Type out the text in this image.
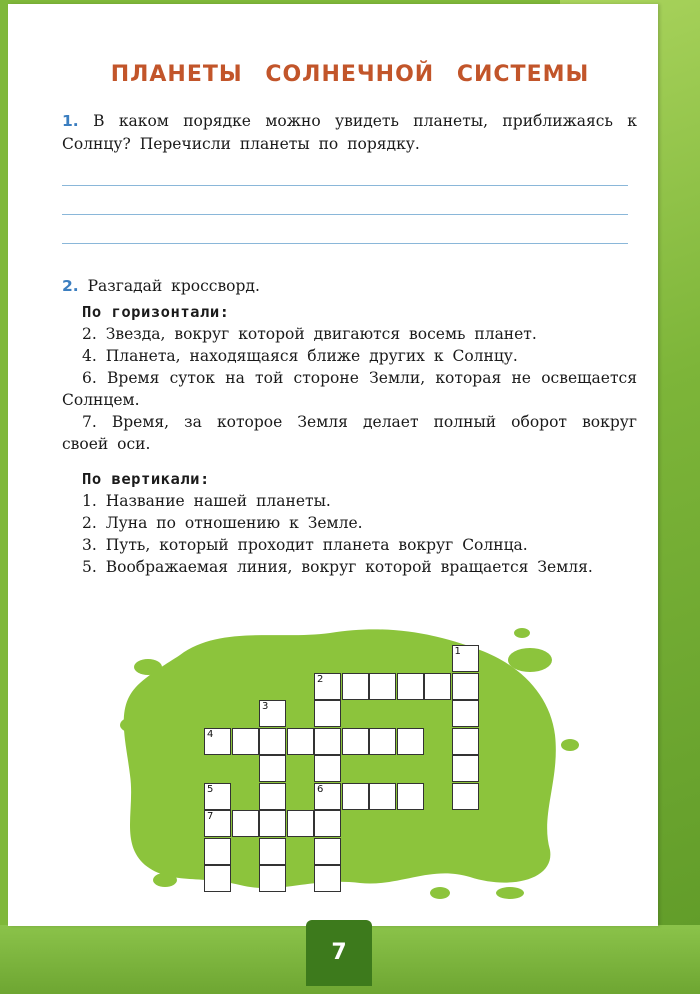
ПЛАНЕТЫ СОЛНЕЧНОЙ СИСТЕМЫ
1. В каком порядке можно увидеть планеты, приближаясь к Солнцу? Перечисли планеты по порядку.
2. Разгадай кроссворд.
По горизонтали:
2. Звезда, вокруг которой двигаются восемь планет.
4. Планета, находящаяся ближе других к Солнцу.
6. Время суток на той стороне Земли, которая не освещается Солнцем.
7. Время, за которое Земля делает полный оборот вокруг своей оси.
По вертикали:
1. Название нашей планеты.
2. Луна по отношению к Земле.
3. Путь, который проходит планета вокруг Солнца.
5. Воображаемая линия, вокруг которой вращается Земля.
7
1
2
6
3
4
5
7
